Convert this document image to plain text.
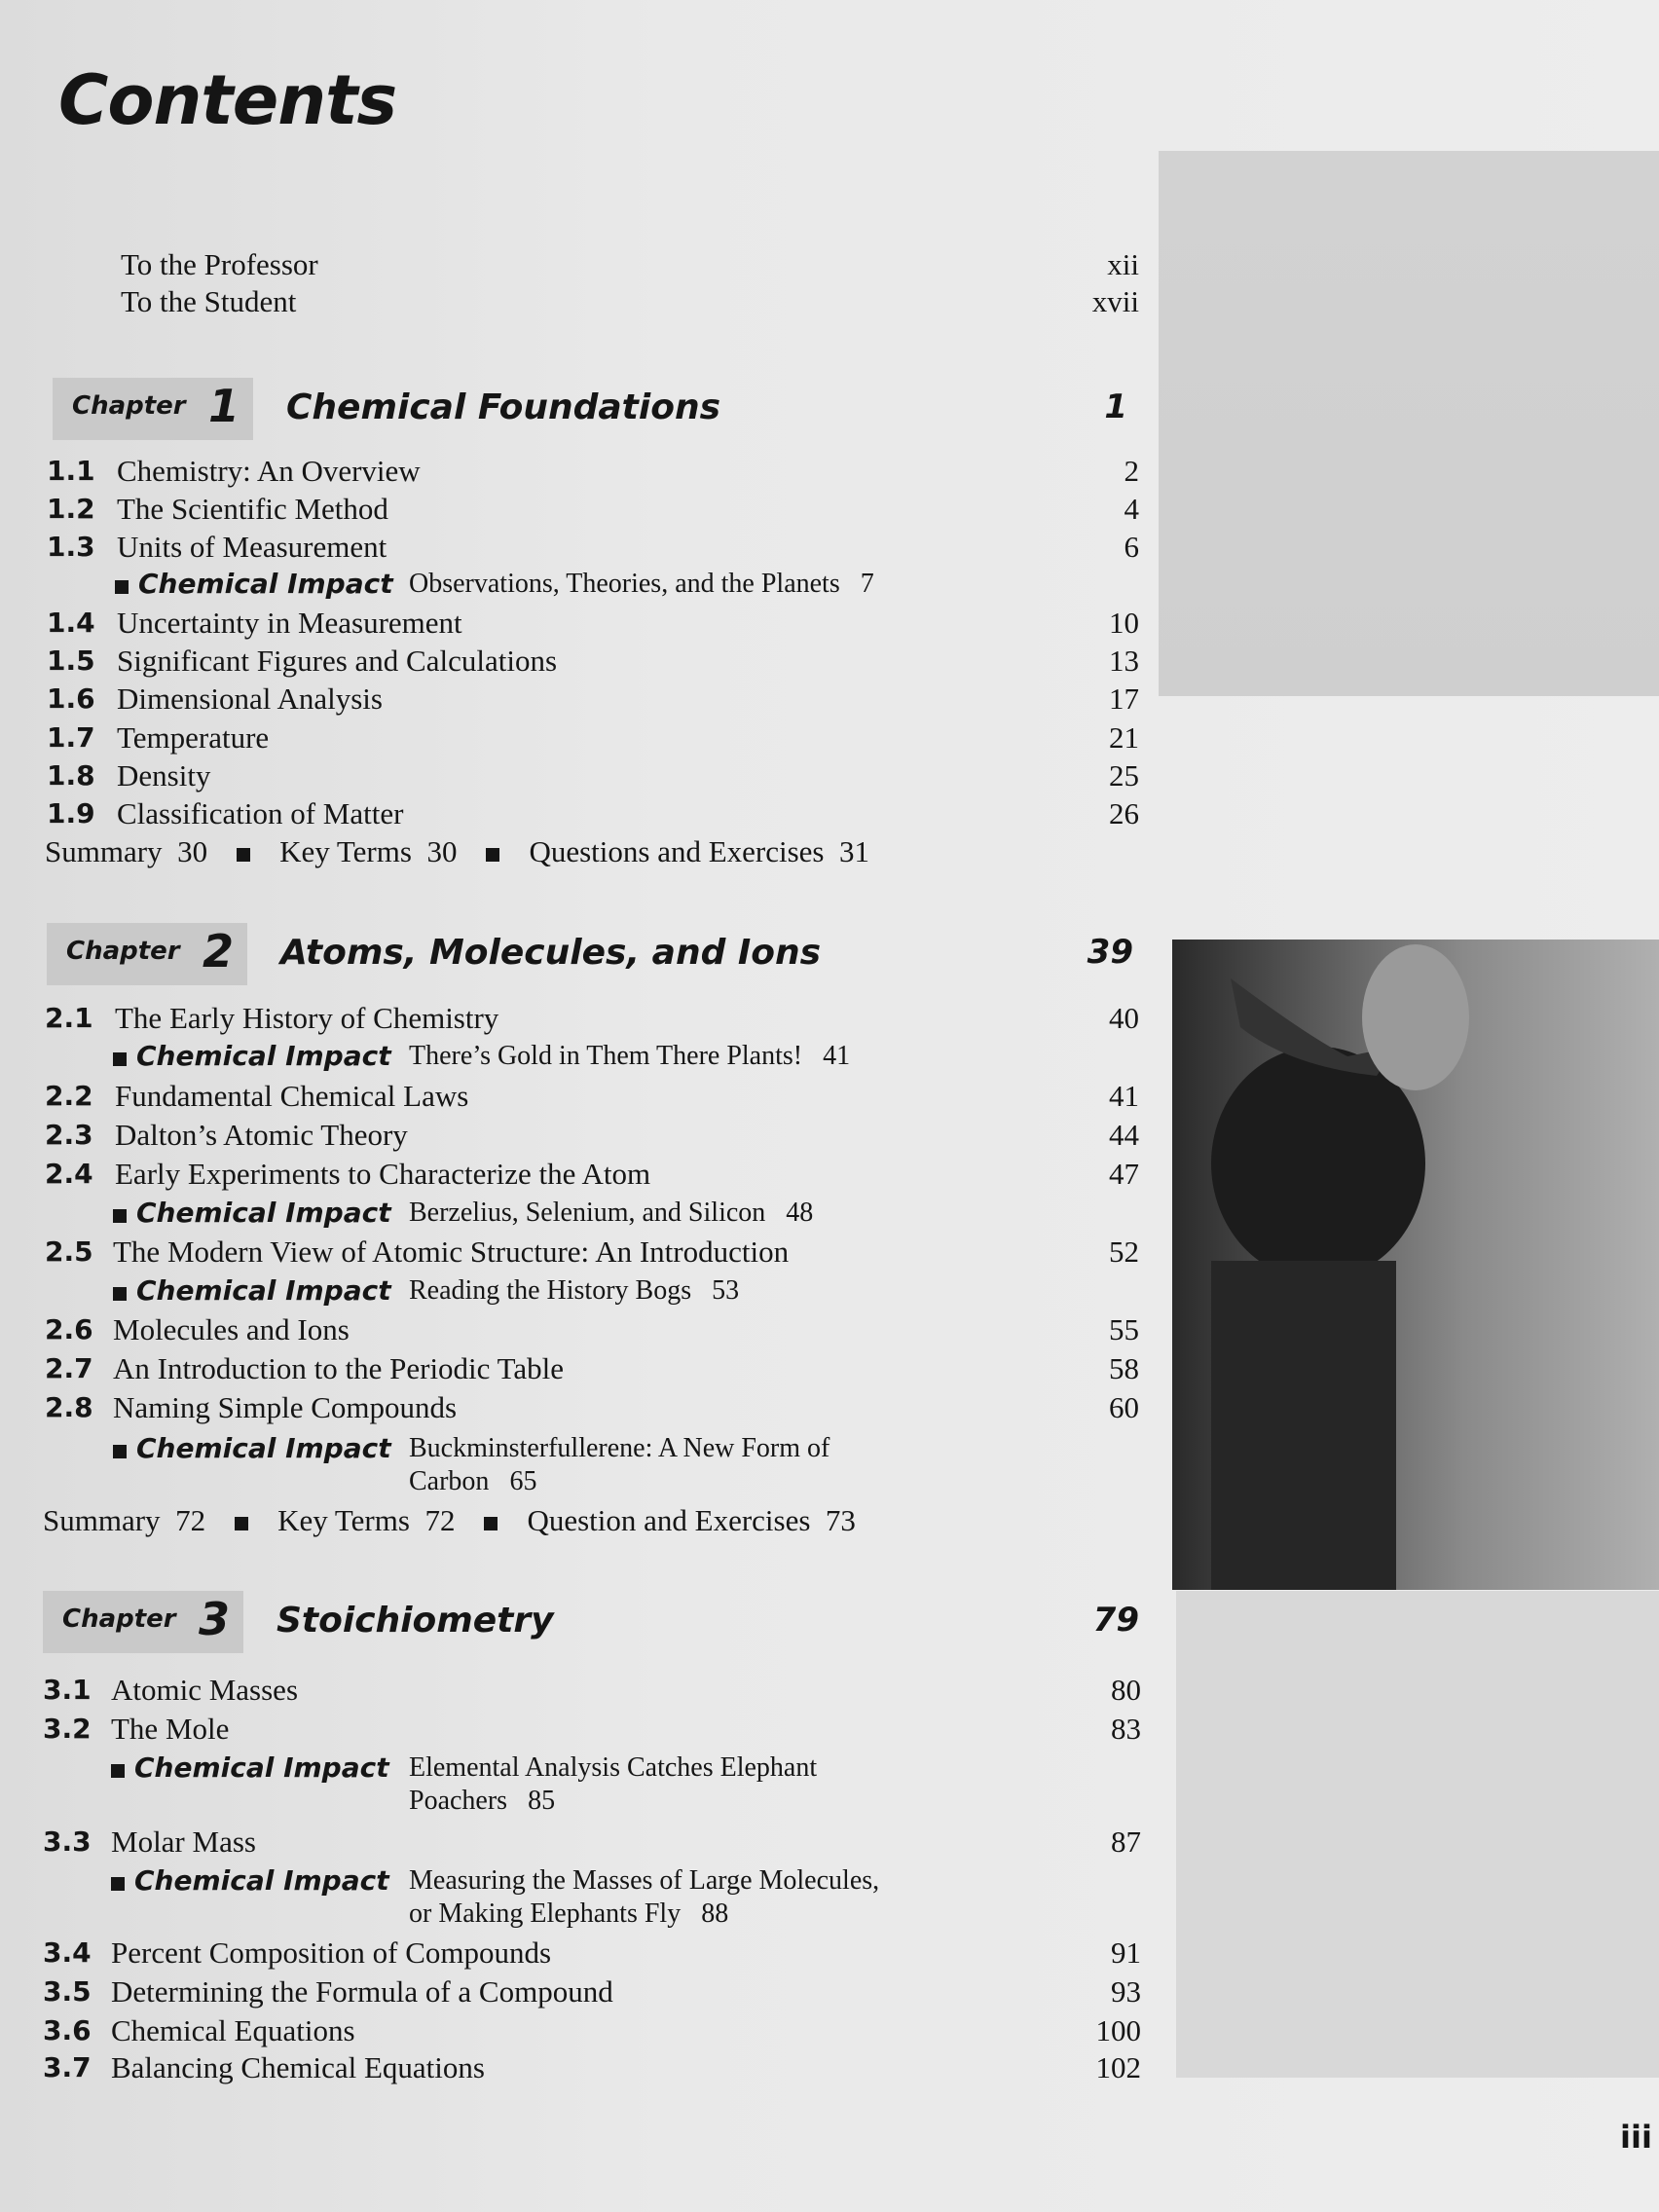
Contents
To the Professor	xii
To the Student	xvii
Chapter 1 Chemical Foundations	1
1.1 Chemistry: An Overview	2
1.2 The Scientific Method	4
1.3 Units of Measurement	6
Chemical Impact Observations, Theories, and the Planets 7
1.4 Uncertainty in Measurement	10
1.5 Significant Figures and Calculations	13
1.6 Dimensional Analysis	17
1.7 Temperature	21
1.8 Density	25
1.9 Classification of Matter	26
Summary 30 Key Terms 30 Questions and Exercises 31
Chapter 2 Atoms, Molecules, and Ions	39
2.1 The Early History of Chemistry	40
Chemical Impact There’s Gold in Them There Plants! 41
2.2 Fundamental Chemical Laws	41
2.3 Dalton’s Atomic Theory	44
2.4 Early Experiments to Characterize the Atom	47
Chemical Impact Berzelius, Selenium, and Silicon 48
2.5 The Modern View of Atomic Structure: An Introduction	52
Chemical Impact Reading the History Bogs 53
2.6 Molecules and Ions	55
2.7 An Introduction to the Periodic Table	58
2.8 Naming Simple Compounds	60
Chemical Impact Buckminsterfullerene: A New Form of
Carbon 65
Summary 72 Key Terms 72 Question and Exercises 73
Chapter 3 Stoichiometry	79
3.1 Atomic Masses	80
3.2 The Mole	83
Chemical Impact Elemental Analysis Catches Elephant
Poachers 85
3.3 Molar Mass	87
Chemical Impact Measuring the Masses of Large Molecules,
or Making Elephants Fly 88
3.4 Percent Composition of Compounds	91
3.5 Determining the Formula of a Compound	93
3.6 Chemical Equations	100
3.7 Balancing Chemical Equations	102
iii
